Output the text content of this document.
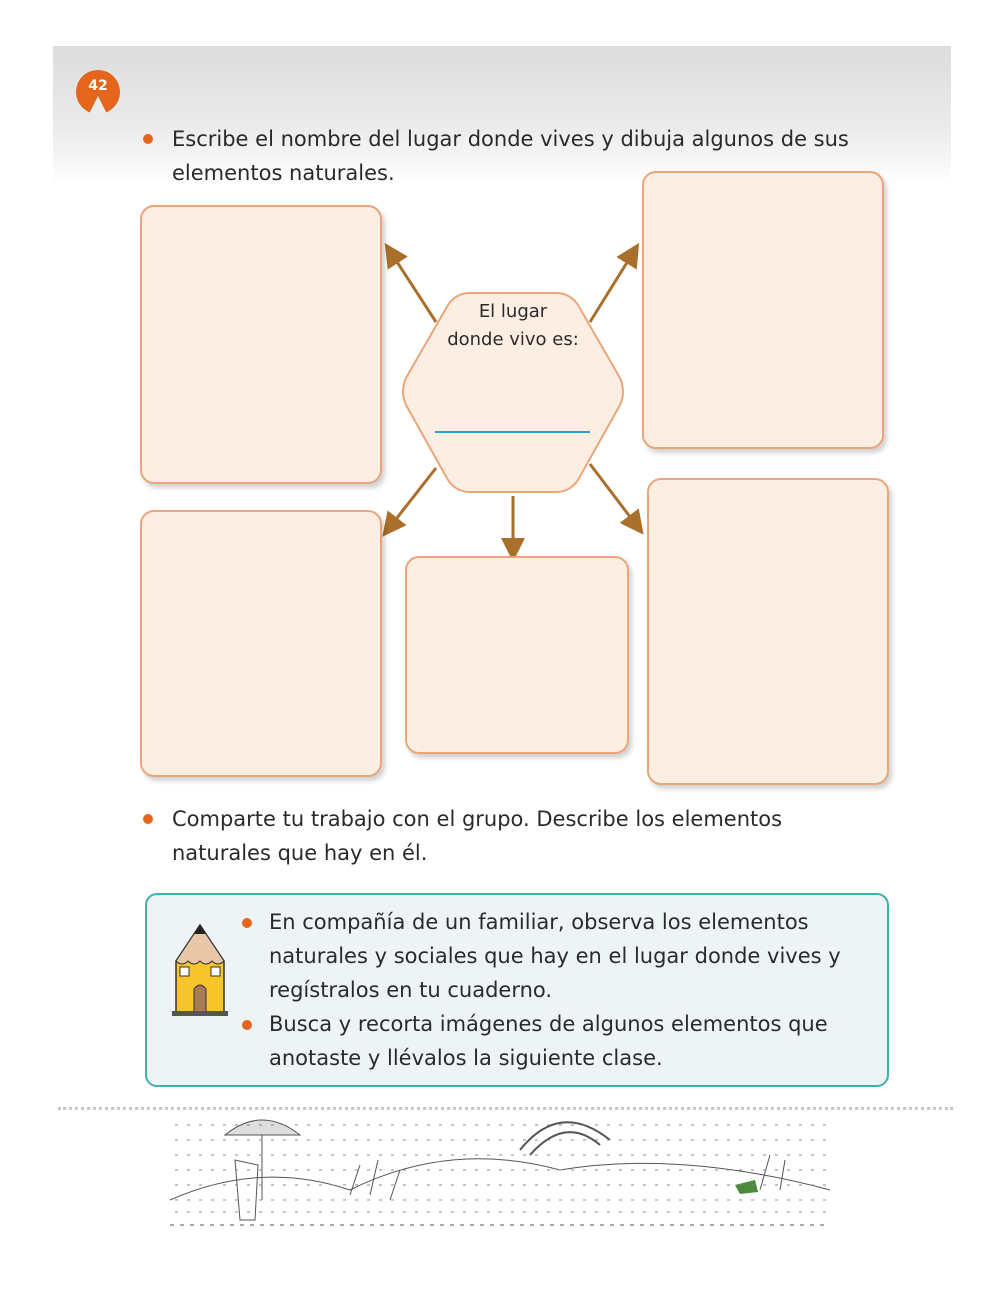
42
Escribe el nombre del lugar donde vives y dibuja algunos de sus elementos naturales.
El lugar
donde vivo es:
Comparte tu trabajo con el grupo. Describe los elementos naturales que hay en él.
En compañía de un familiar, observa los elementos naturales y sociales que hay en el lugar donde vives y regístralos en tu cuaderno.
Busca y recorta imágenes de algunos elementos que anotaste y llévalos la siguiente clase.
